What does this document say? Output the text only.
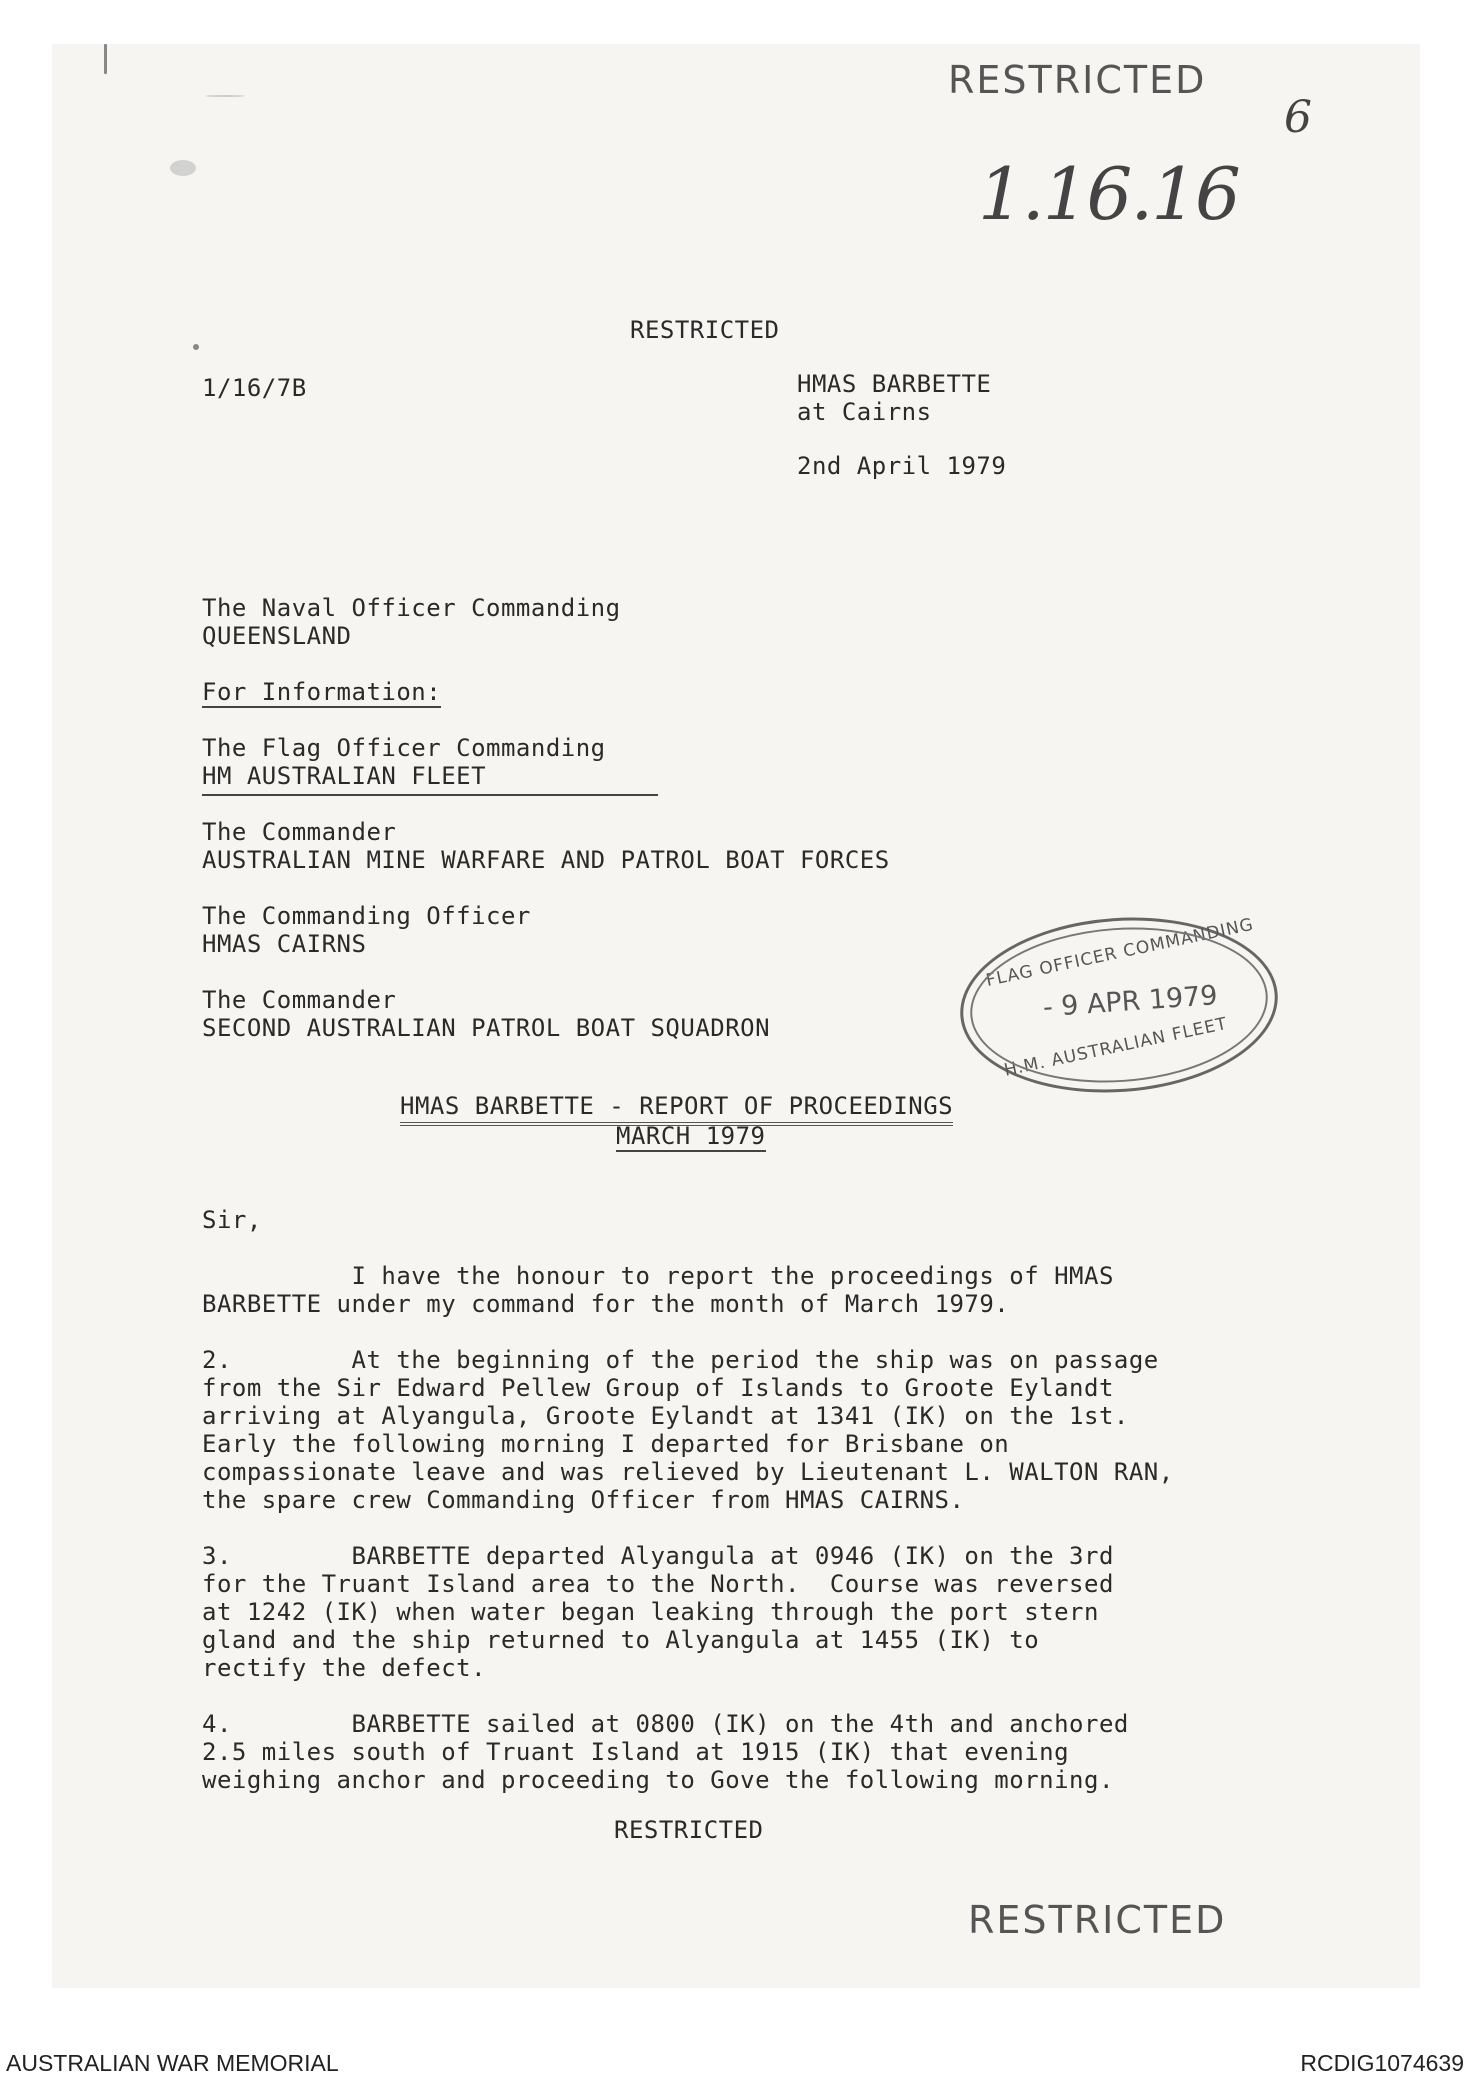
RESTRICTED
6
1.16.16
RESTRICTED
1/16/7B	HMAS BARBETTE
at Cairns
2nd April 1979
The Naval Officer Commanding
QUEENSLAND
For Information:
The Flag Officer Commanding
HM AUSTRALIAN FLEET
The Commander
AUSTRALIAN MINE WARFARE AND PATROL BOAT FORCES
The Commanding Officer
HMAS CAIRNS
The Commander
SECOND AUSTRALIAN PATROL BOAT SQUADRON
FLAG OFFICER COMMANDING
- 9 APR 1979
H.M. AUSTRALIAN FLEET
HMAS BARBETTE - REPORT OF PROCEEDINGS
MARCH 1979
Sir,
I have the honour to report the proceedings of HMAS
BARBETTE under my command for the month of March 1979.
2.        At the beginning of the period the ship was on passage
from the Sir Edward Pellew Group of Islands to Groote Eylandt
arriving at Alyangula, Groote Eylandt at 1341 (IK) on the 1st.
Early the following morning I departed for Brisbane on
compassionate leave and was relieved by Lieutenant L. WALTON RAN,
the spare crew Commanding Officer from HMAS CAIRNS.
3.        BARBETTE departed Alyangula at 0946 (IK) on the 3rd
for the Truant Island area to the North.  Course was reversed
at 1242 (IK) when water began leaking through the port stern
gland and the ship returned to Alyangula at 1455 (IK) to
rectify the defect.
4.        BARBETTE sailed at 0800 (IK) on the 4th and anchored
2.5 miles south of Truant Island at 1915 (IK) that evening
weighing anchor and proceeding to Gove the following morning.
RESTRICTED
RESTRICTED
AUSTRALIAN WAR MEMORIAL	RCDIG1074639
